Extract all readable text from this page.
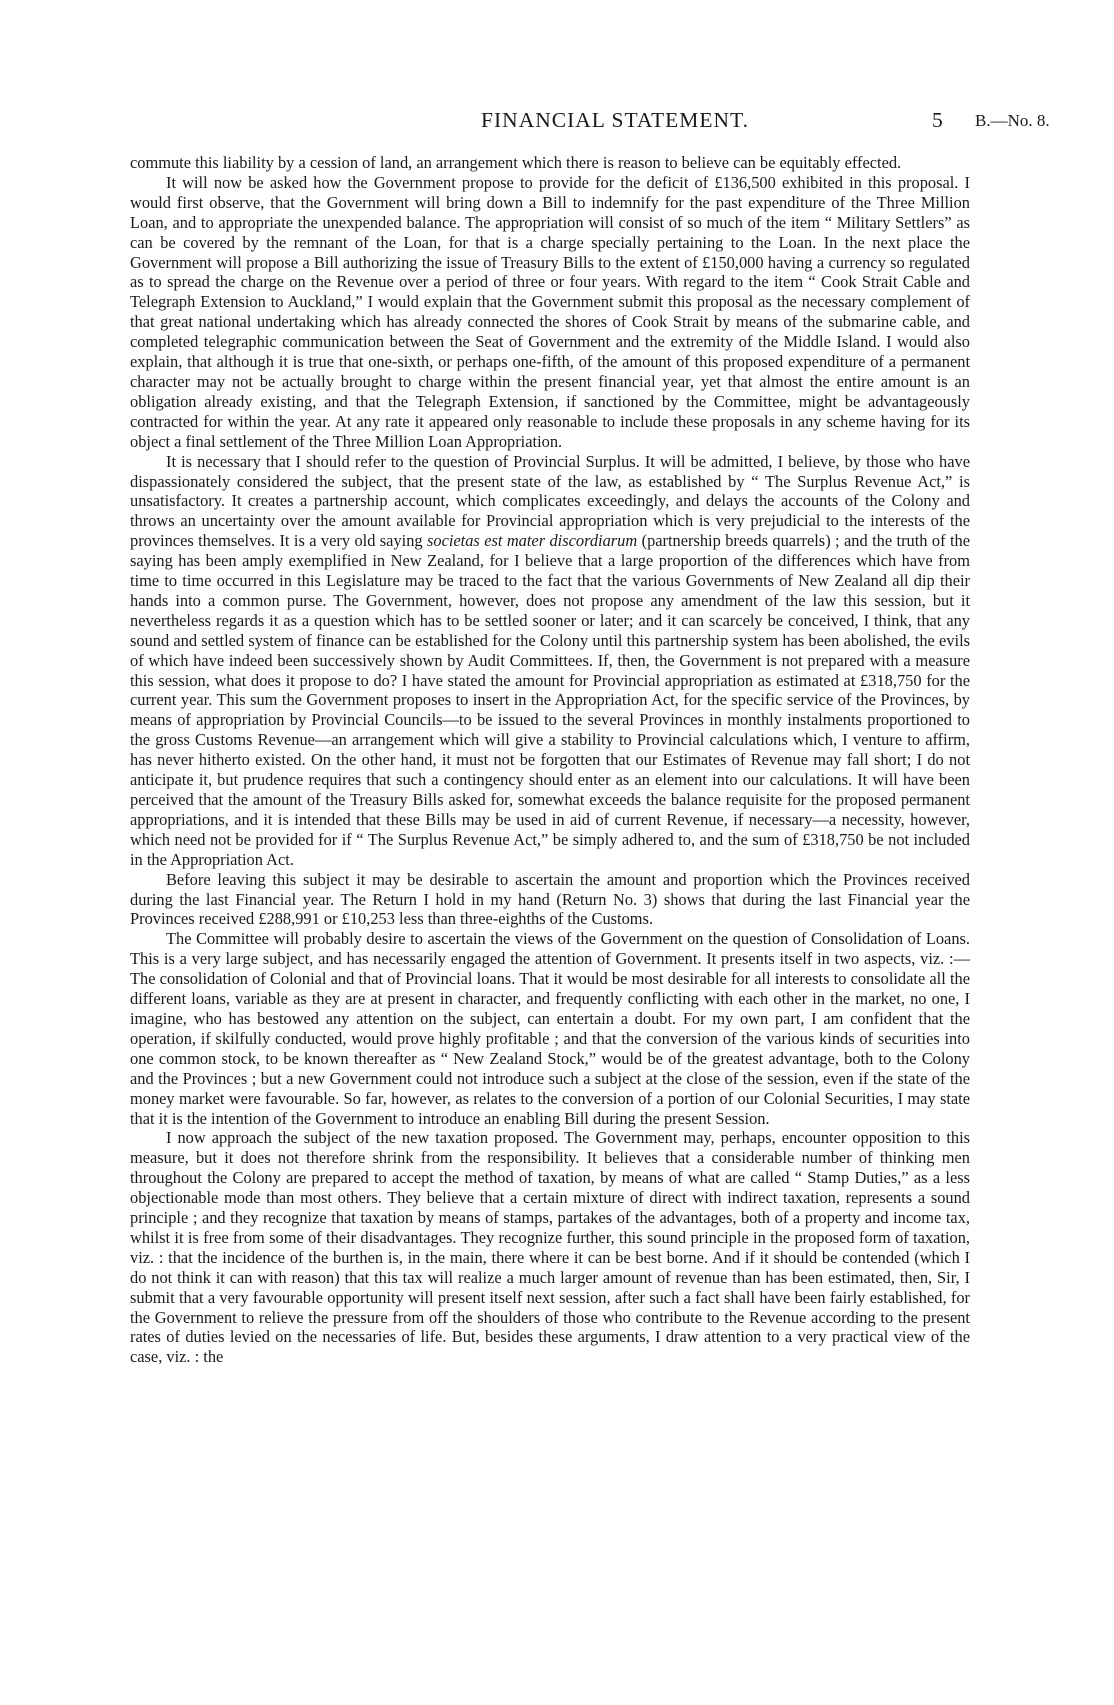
FINANCIAL STATEMENT.	5 B.—No. 8.

commute this liability by a cession of land, an arrangement which there is reason to believe can be equitably effected.

It will now be asked how the Government propose to provide for the deficit of £136,500 exhibited in this proposal. I would first observe, that the Government will bring down a Bill to indemnify for the past expenditure of the Three Million Loan, and to appropriate the unexpended balance. The appropriation will consist of so much of the item “ Military Settlers” as can be covered by the remnant of the Loan, for that is a charge specially pertaining to the Loan. In the next place the Government will propose a Bill authorizing the issue of Treasury Bills to the extent of £150,000 having a currency so regulated as to spread the charge on the Revenue over a period of three or four years. With regard to the item “ Cook Strait Cable and Telegraph Extension to Auckland,” I would explain that the Government submit this proposal as the necessary complement of that great national undertaking which has already connected the shores of Cook Strait by means of the submarine cable, and completed telegraphic communication between the Seat of Government and the extremity of the Middle Island. I would also explain, that although it is true that one-sixth, or perhaps one-fifth, of the amount of this proposed expenditure of a permanent character may not be actually brought to charge within the present financial year, yet that almost the entire amount is an obligation already existing, and that the Telegraph Extension, if sanctioned by the Committee, might be advantageously contracted for within the year. At any rate it appeared only reasonable to include these proposals in any scheme having for its object a final settlement of the Three Million Loan Appropriation.

It is necessary that I should refer to the question of Provincial Surplus. It will be admitted, I believe, by those who have dispassionately considered the subject, that the present state of the law, as established by “ The Surplus Revenue Act,” is unsatisfactory. It creates a partnership account, which complicates exceedingly, and delays the accounts of the Colony and throws an uncertainty over the amount available for Provincial appropriation which is very prejudicial to the interests of the provinces themselves. It is a very old saying societas est mater discordiarum (partnership breeds quarrels) ; and the truth of the saying has been amply exemplified in New Zealand, for I believe that a large proportion of the differences which have from time to time occurred in this Legislature may be traced to the fact that the various Governments of New Zealand all dip their hands into a common purse. The Government, however, does not propose any amendment of the law this session, but it nevertheless regards it as a question which has to be settled sooner or later; and it can scarcely be conceived, I think, that any sound and settled system of finance can be established for the Colony until this partnership system has been abolished, the evils of which have indeed been successively shown by Audit Committees. If, then, the Government is not prepared with a measure this session, what does it propose to do? I have stated the amount for Provincial appropriation as estimated at £318,750 for the current year. This sum the Government proposes to insert in the Appropriation Act, for the specific service of the Provinces, by means of appropriation by Provincial Councils—to be issued to the several Provinces in monthly instalments proportioned to the gross Customs Revenue—an arrangement which will give a stability to Provincial calculations which, I venture to affirm, has never hitherto existed. On the other hand, it must not be forgotten that our Estimates of Revenue may fall short; I do not anticipate it, but prudence requires that such a contingency should enter as an element into our calculations. It will have been perceived that the amount of the Treasury Bills asked for, somewhat exceeds the balance requisite for the proposed permanent appropriations, and it is intended that these Bills may be used in aid of current Revenue, if necessary—a necessity, however, which need not be provided for if “ The Surplus Revenue Act,” be simply adhered to, and the sum of £318,750 be not included in the Appropriation Act.

Before leaving this subject it may be desirable to ascertain the amount and proportion which the Provinces received during the last Financial year. The Return I hold in my hand (Return No. 3) shows that during the last Financial year the Provinces received £288,991 or £10,253 less than three-eighths of the Customs.

The Committee will probably desire to ascertain the views of the Government on the question of Consolidation of Loans. This is a very large subject, and has necessarily engaged the attention of Government. It presents itself in two aspects, viz. :—The consolidation of Colonial and that of Provincial loans. That it would be most desirable for all interests to consolidate all the different loans, variable as they are at present in character, and frequently conflicting with each other in the market, no one, I imagine, who has bestowed any attention on the subject, can entertain a doubt. For my own part, I am confident that the operation, if skilfully conducted, would prove highly profitable ; and that the conversion of the various kinds of securities into one common stock, to be known thereafter as “ New Zealand Stock,” would be of the greatest advantage, both to the Colony and the Provinces ; but a new Government could not introduce such a subject at the close of the session, even if the state of the money market were favourable. So far, however, as relates to the conversion of a portion of our Colonial Securities, I may state that it is the intention of the Government to introduce an enabling Bill during the present Session.

I now approach the subject of the new taxation proposed. The Government may, perhaps, encounter opposition to this measure, but it does not therefore shrink from the responsibility. It believes that a considerable number of thinking men throughout the Colony are prepared to accept the method of taxation, by means of what are called “ Stamp Duties,” as a less objectionable mode than most others. They believe that a certain mixture of direct with indirect taxation, represents a sound principle ; and they recognize that taxation by means of stamps, partakes of the advantages, both of a property and income tax, whilst it is free from some of their disadvantages. They recognize further, this sound principle in the proposed form of taxation, viz. : that the incidence of the burthen is, in the main, there where it can be best borne. And if it should be contended (which I do not think it can with reason) that this tax will realize a much larger amount of revenue than has been estimated, then, Sir, I submit that a very favourable opportunity will present itself next session, after such a fact shall have been fairly established, for the Government to relieve the pressure from off the shoulders of those who contribute to the Revenue according to the present rates of duties levied on the necessaries of life. But, besides these arguments, I draw attention to a very practical view of the case, viz. : the
